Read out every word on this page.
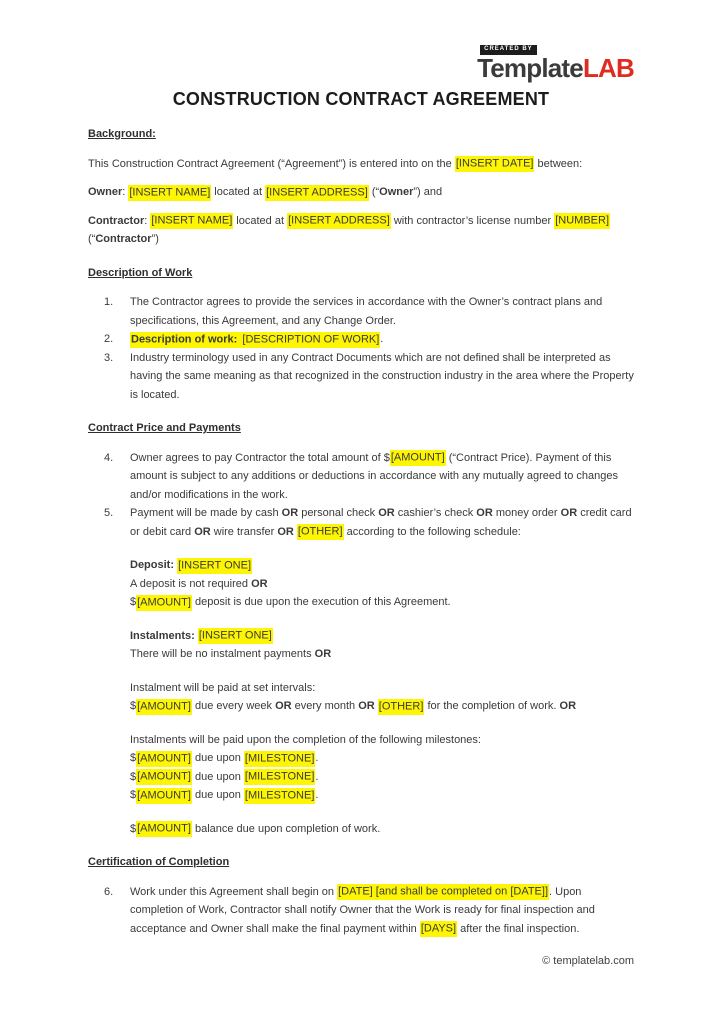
CREATED BY
TemplateLAB
CONSTRUCTION CONTRACT AGREEMENT
Background:
This Construction Contract Agreement (“Agreement”) is entered into on the [INSERT DATE] between:
Owner: [INSERT NAME] located at [INSERT ADDRESS] (“Owner”) and
Contractor: [INSERT NAME] located at [INSERT ADDRESS] with contractor’s license number [NUMBER] (“Contractor”)
Description of Work
1.	The Contractor agrees to provide the services in accordance with the Owner’s contract plans and specifications, this Agreement, and any Change Order.
2.	Description of work: [DESCRIPTION OF WORK].
3.	Industry terminology used in any Contract Documents which are not defined shall be interpreted as having the same meaning as that recognized in the construction industry in the area where the Property is located.
Contract Price and Payments
4.	Owner agrees to pay Contractor the total amount of $[AMOUNT] (“Contract Price). Payment of this amount is subject to any additions or deductions in accordance with any mutually agreed to changes and/or modifications in the work.
5.	Payment will be made by cash OR personal check OR cashier’s check OR money order OR credit card or debit card OR wire transfer OR [OTHER] according to the following schedule:
Deposit: [INSERT ONE]
A deposit is not required OR
$[AMOUNT] deposit is due upon the execution of this Agreement.
Instalments: [INSERT ONE]
There will be no instalment payments OR
Instalment will be paid at set intervals:
$[AMOUNT] due every week OR every month OR [OTHER] for the completion of work. OR
Instalments will be paid upon the completion of the following milestones:
$[AMOUNT] due upon [MILESTONE].
$[AMOUNT] due upon [MILESTONE].
$[AMOUNT] due upon [MILESTONE].
$[AMOUNT] balance due upon completion of work.
Certification of Completion
6.	Work under this Agreement shall begin on [DATE] [and shall be completed on [DATE]]. Upon completion of Work, Contractor shall notify Owner that the Work is ready for final inspection and acceptance and Owner shall make the final payment within [DAYS] after the final inspection.
© templatelab.com
